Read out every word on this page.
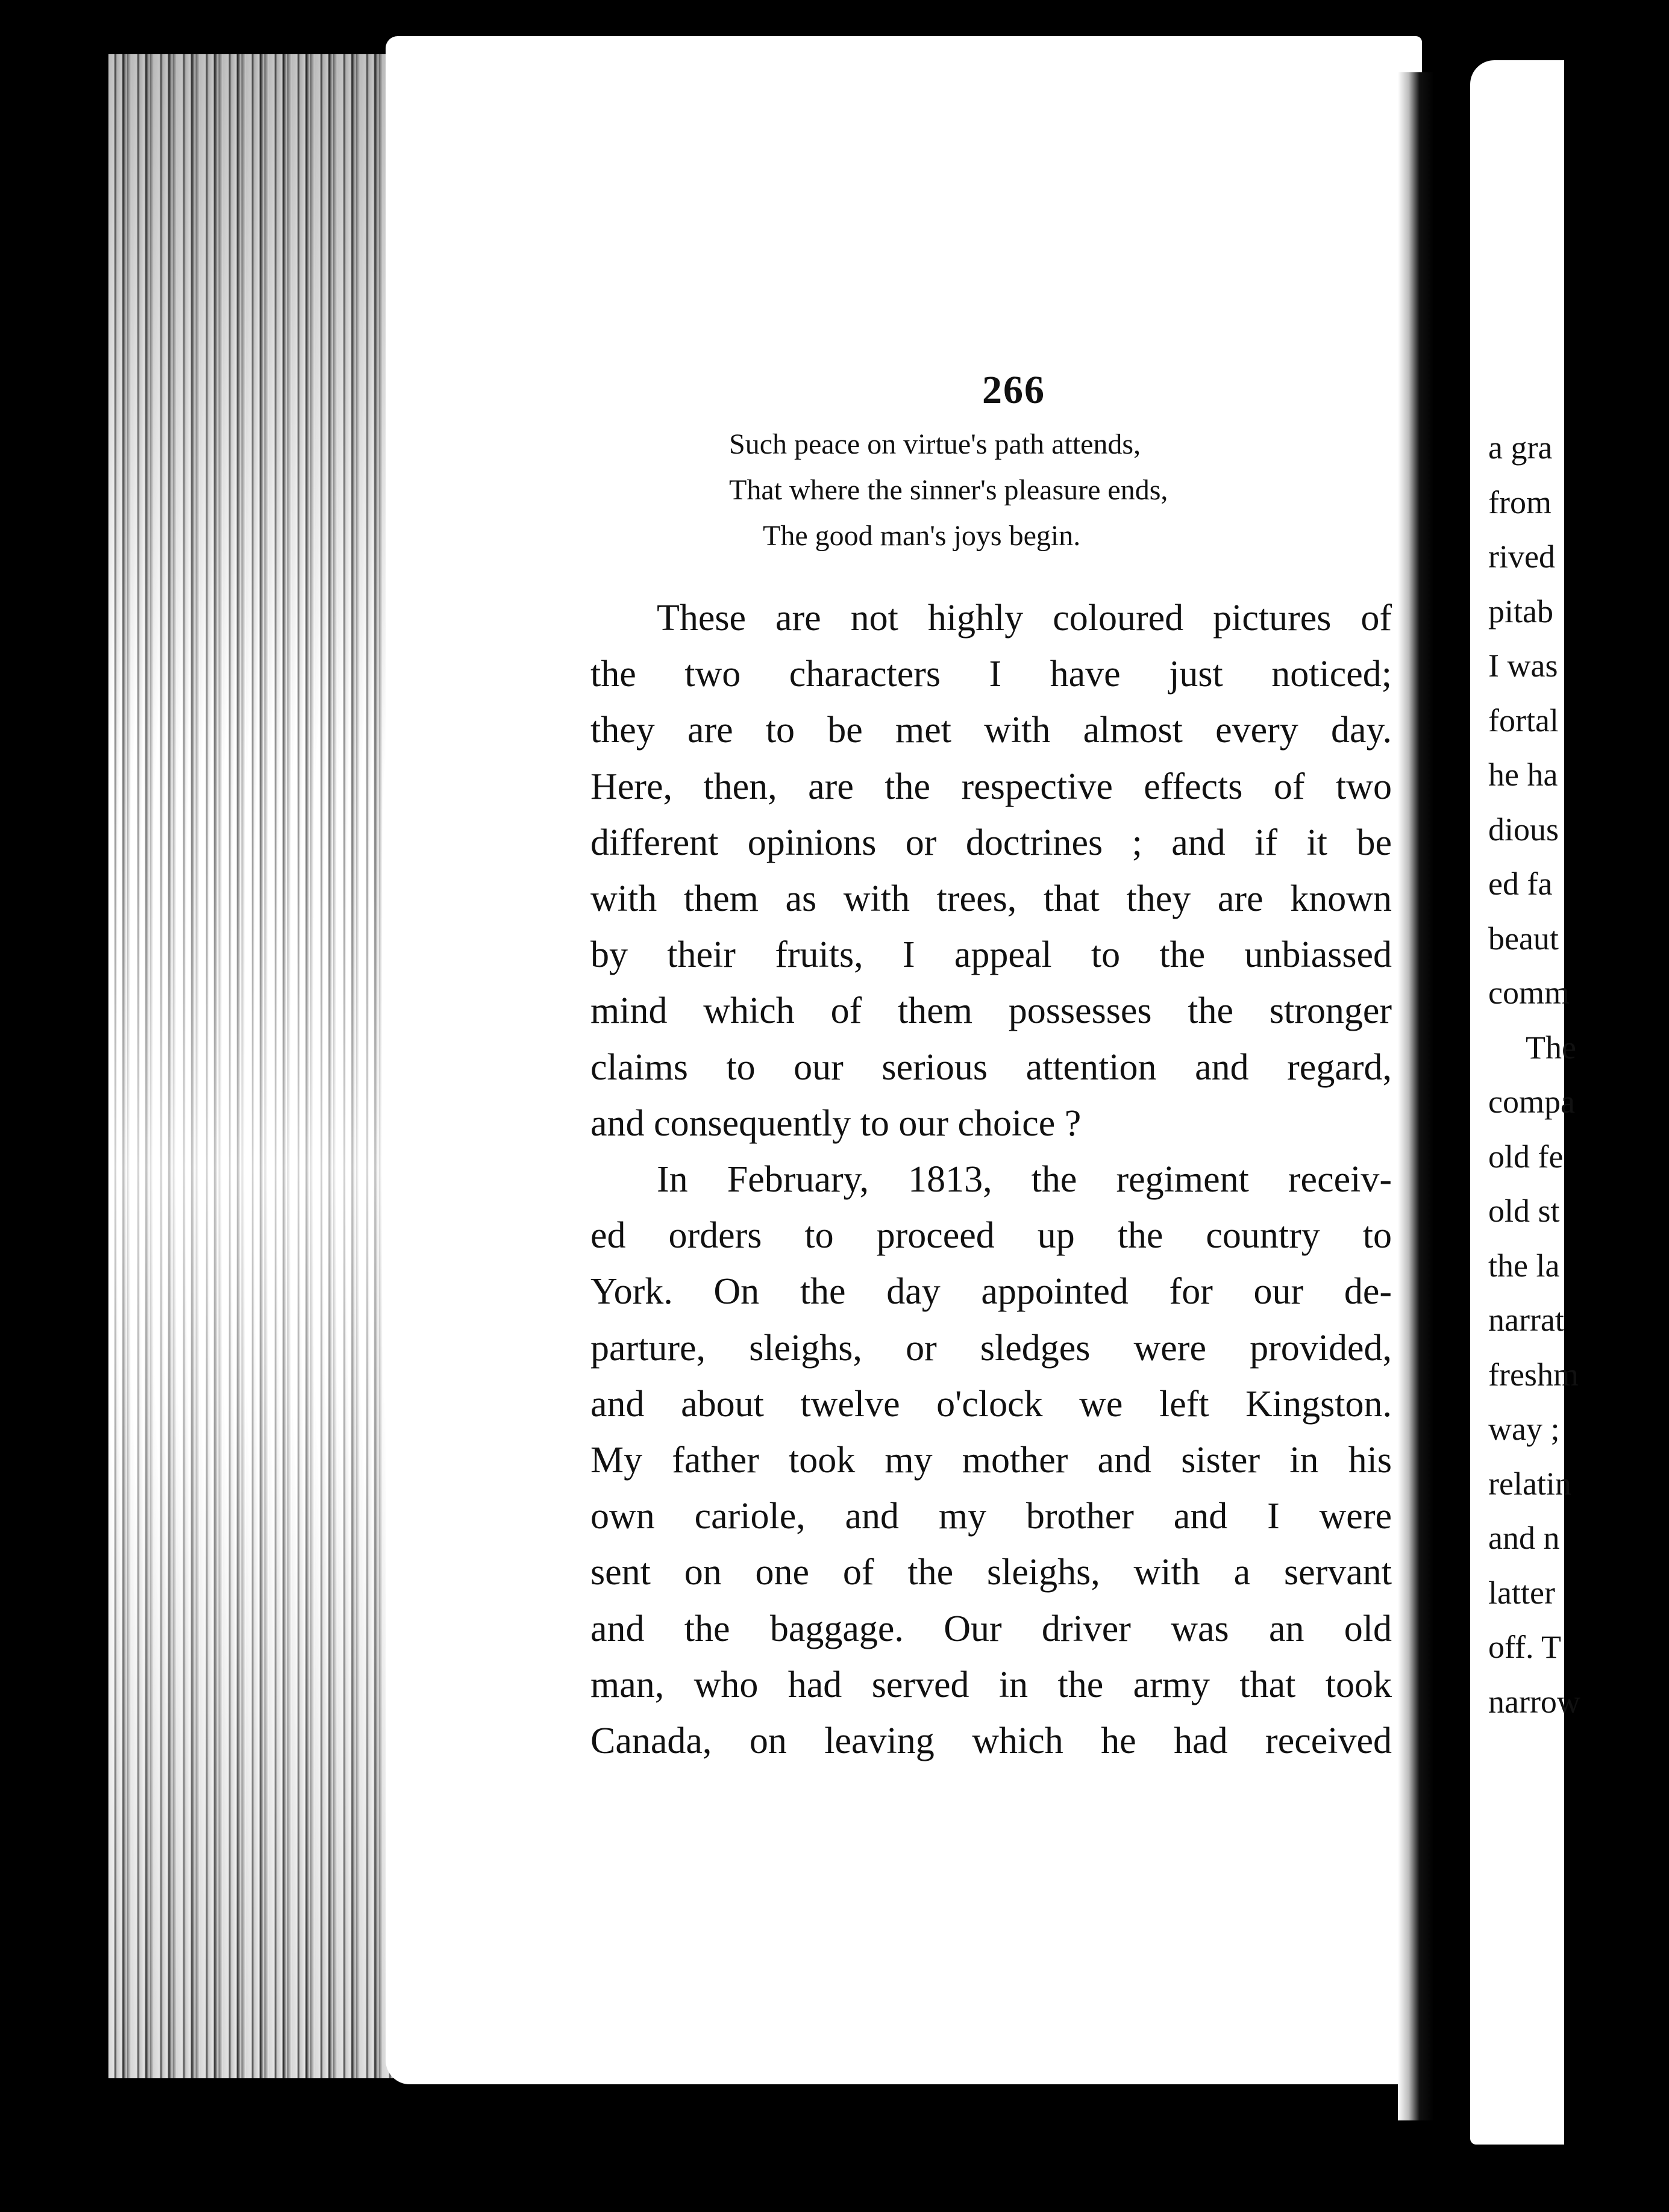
a gra
from
rived
pitab
I was
fortal
he ha
dious
ed fa
beaut
comm
The
compa
old fe
old st
the la
narrat
freshm
way ;
relatin
and n
latter
off. T
narrow
266
Such peace on virtue's path attends,
That where the sinner's pleasure ends,
The good man's joys begin.
These are not highly coloured pictures of
the two characters I have just noticed;
they are to be met with almost every day.
Here, then, are the respective effects of two
different opinions or doctrines ; and if it be
with them as with trees, that they are known
by their fruits, I appeal to the unbiassed
mind which of them possesses the stronger
claims to our serious attention and regard,
and consequently to our choice ?
In February, 1813, the regiment receiv-
ed orders to proceed up the country to
York. On the day appointed for our de-
parture, sleighs, or sledges were provided,
and about twelve o'clock we left Kingston.
My father took my mother and sister in his
own cariole, and my brother and I were
sent on one of the sleighs, with a servant
and the baggage. Our driver was an old
man, who had served in the army that took
Canada, on leaving which he had received
